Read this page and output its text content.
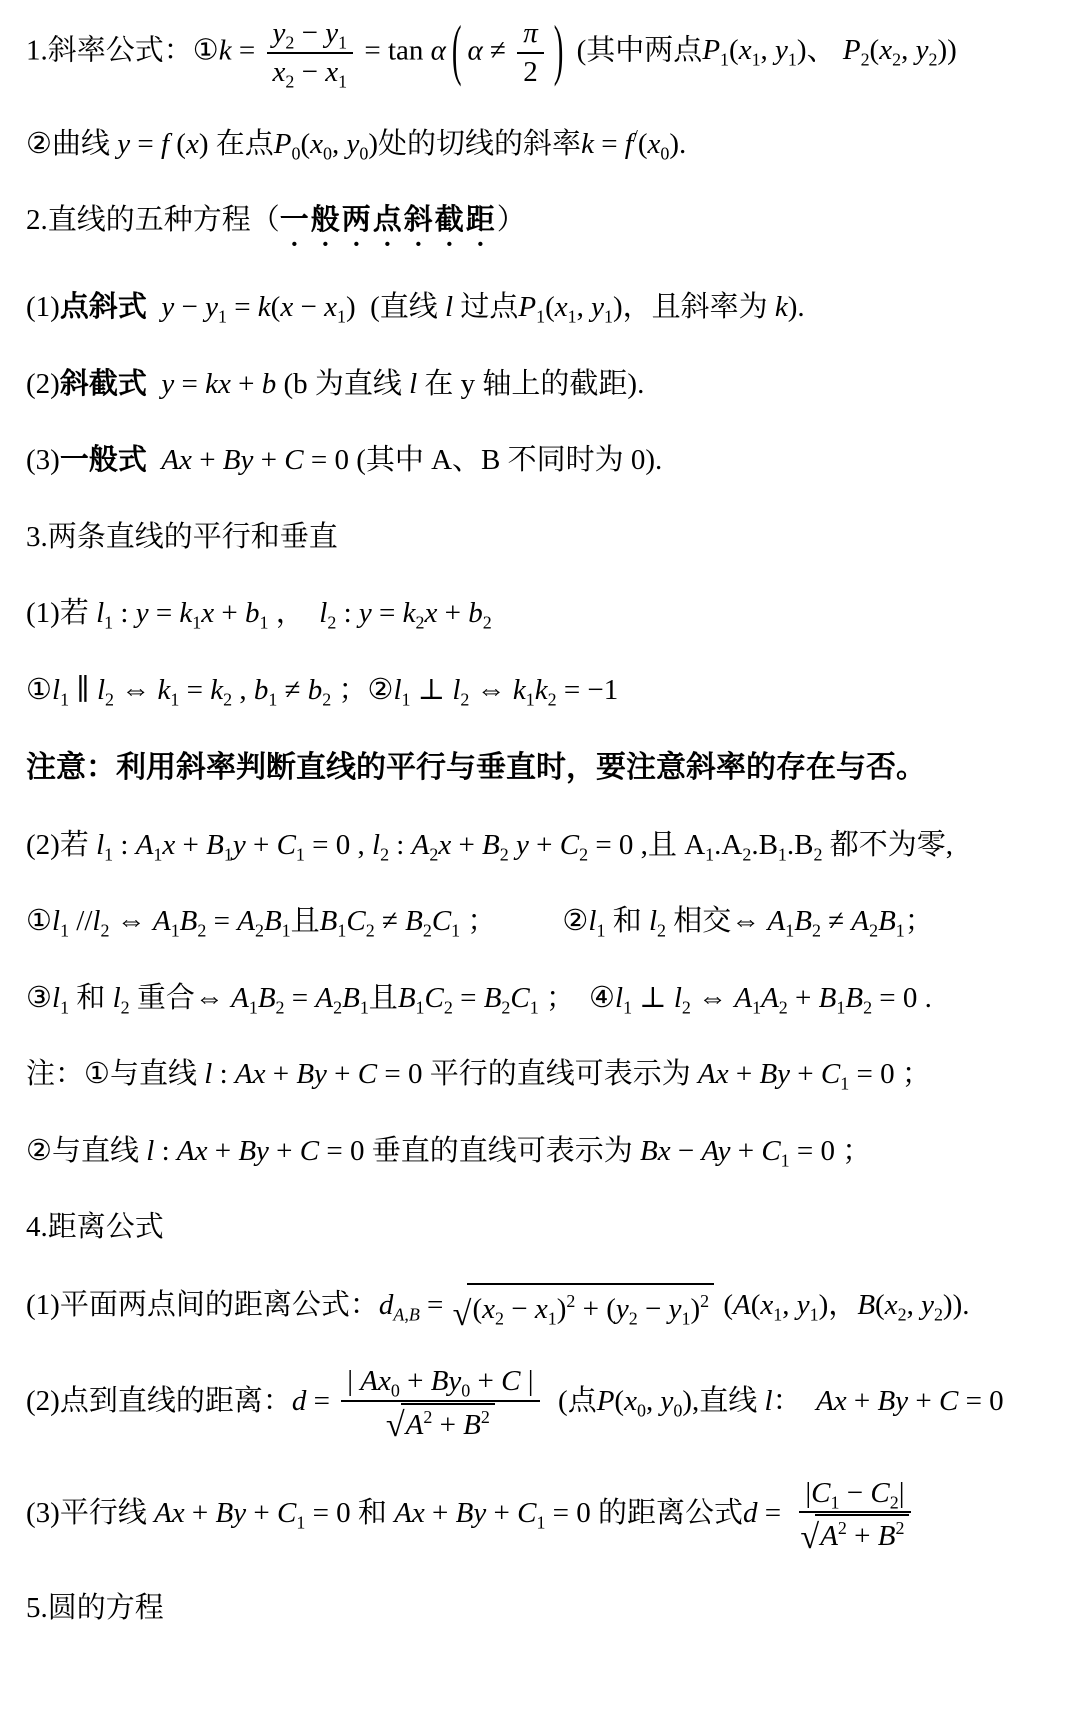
1.斜率公式：①k = $\frac{y_2 - y_1}{x_2 - x_1} = \tan \alpha$ ( $\alpha \ne \frac{\pi}{2}$ ) (其中两点$P_1(x_1$, $y_1$)、 $P_2(x_2$, $y_2$))
②曲线 y = f (x) 在点$P_0(x_0$, $y_0$)处的切线的斜率$k = f^/(x_0)$.
2.直线的五种方程（一般两点斜截距）
(1)点斜式 $y - y_1 = k(x - x_1)$  (直线 l 过点$P_1(x_1$, $y_1$)，且斜率为 k).
(2)斜截式 y = kx + b (b 为直线 l 在 y 轴上的截距).
(3)一般式 Ax + By + C = 0 (其中 A、B 不同时为 0).
3.两条直线的平行和垂直
(1)若 $l_1$ : $y = k_1x + b_1$ ，  $l_2$ : $y = k_2x + b_2$
$①l_1$ ∥ $l_2$ ⇔ $k_1 = k_2$ , $b_1 \ne b_2$ ；$②l_1$ ⊥ $l_2$ ⇔ $k_1k_2 = -1$
注意：利用斜率判断直线的平行与垂直时，要注意斜率的存在与否。
(2)若 $l_1$ : $A_1x + B_1y + C_1 = 0$ , $l_2$ : $A_2x + B_2$ $y + C_2 = 0$ ,且 $A_1.A_2.B_1.B_2$ 都不为零,
$①l_1$ $//l_2$ ⇔ $A_1B_2 = A_2B_1$且$B_1C_2 \ne B_2C_1$ ； $②l_1$ 和 $l_2$ 相交⇔ $A_1B_2 \ne A_2B_1$；
$③l_1$ 和 $l_2$ 重合⇔ $A_1B_2 = A_2B_1$且$B_1C_2 = B_2C_1$ ； $④l_1$ ⊥ $l_2$ ⇔ $A_1A_2 + B_1B_2 = 0$ .
注：①与直线 l : Ax + By + C = 0 平行的直线可表示为 $Ax + By + C_1 = 0$ ；
②与直线 l : Ax + By + C = 0 垂直的直线可表示为 $Bx - Ay + C_1 = 0$ ；
4.距离公式
(1)平面两点间的距离公式：$d_{A,B}$ = √ $(x_2 - x_1)^2 + (y_2 - y_1)^2$ ($A(x_1$, $y_1$)，$B(x_2$, $y_2$)).
(2)点到直线的距离：$d = \frac{| Ax_0 + By_0 + C |}{√ A^2 + B^2}$ (点$P(x_0$, $y_0$),直线 l：  Ax + By + C = 0
(3)平行线 $Ax + By + C_1 = 0$ 和 $Ax + By + C_1 = 0$ 的距离公式$d = \frac{|C_1 - C_2|}{√ A^2 + B^2}$
5.圆的方程
